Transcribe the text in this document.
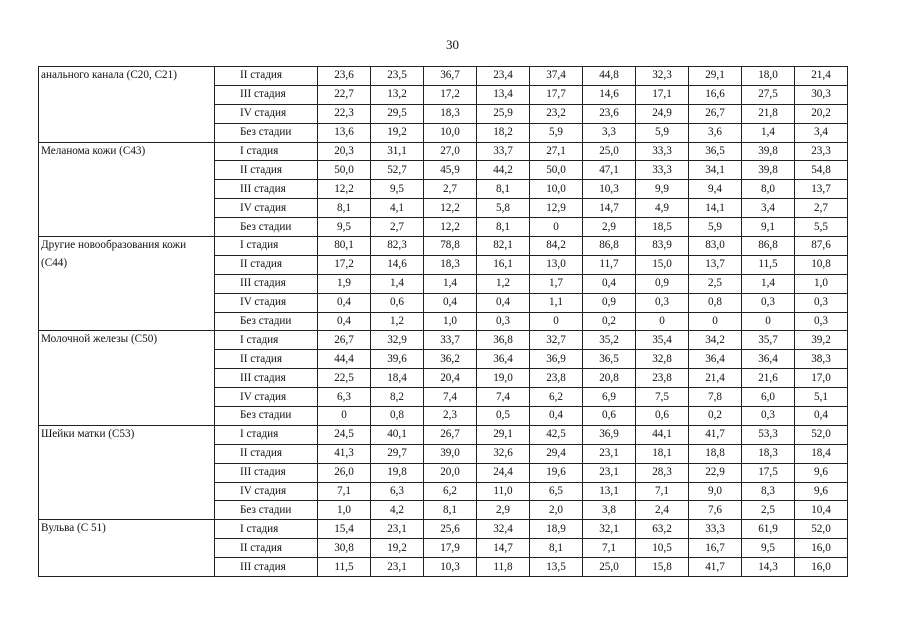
30
анального канала (C20, C21)	II стадия	23,6	23,5	36,7	23,4	37,4	44,8	32,3	29,1	18,0	21,4
	III стадия	22,7	13,2	17,2	13,4	17,7	14,6	17,1	16,6	27,5	30,3
	IV стадия	22,3	29,5	18,3	25,9	23,2	23,6	24,9	26,7	21,8	20,2
	Без стадии	13,6	19,2	10,0	18,2	5,9	3,3	5,9	3,6	1,4	3,4
Меланома кожи (C43)	I стадия	20,3	31,1	27,0	33,7	27,1	25,0	33,3	36,5	39,8	23,3
	II стадия	50,0	52,7	45,9	44,2	50,0	47,1	33,3	34,1	39,8	54,8
	III стадия	12,2	9,5	2,7	8,1	10,0	10,3	9,9	9,4	8,0	13,7
	IV стадия	8,1	4,1	12,2	5,8	12,9	14,7	4,9	14,1	3,4	2,7
	Без стадии	9,5	2,7	12,2	8,1	0	2,9	18,5	5,9	9,1	5,5
Другие новообразования кожи (C44)	I стадия	80,1	82,3	78,8	82,1	84,2	86,8	83,9	83,0	86,8	87,6
	II стадия	17,2	14,6	18,3	16,1	13,0	11,7	15,0	13,7	11,5	10,8
	III стадия	1,9	1,4	1,4	1,2	1,7	0,4	0,9	2,5	1,4	1,0
	IV стадия	0,4	0,6	0,4	0,4	1,1	0,9	0,3	0,8	0,3	0,3
	Без стадии	0,4	1,2	1,0	0,3	0	0,2	0	0	0	0,3
Молочной железы (C50)	I стадия	26,7	32,9	33,7	36,8	32,7	35,2	35,4	34,2	35,7	39,2
	II стадия	44,4	39,6	36,2	36,4	36,9	36,5	32,8	36,4	36,4	38,3
	III стадия	22,5	18,4	20,4	19,0	23,8	20,8	23,8	21,4	21,6	17,0
	IV стадия	6,3	8,2	7,4	7,4	6,2	6,9	7,5	7,8	6,0	5,1
	Без стадии	0	0,8	2,3	0,5	0,4	0,6	0,6	0,2	0,3	0,4
Шейки матки (C53)	I стадия	24,5	40,1	26,7	29,1	42,5	36,9	44,1	41,7	53,3	52,0
	II стадия	41,3	29,7	39,0	32,6	29,4	23,1	18,1	18,8	18,3	18,4
	III стадия	26,0	19,8	20,0	24,4	19,6	23,1	28,3	22,9	17,5	9,6
	IV стадия	7,1	6,3	6,2	11,0	6,5	13,1	7,1	9,0	8,3	9,6
	Без стадии	1,0	4,2	8,1	2,9	2,0	3,8	2,4	7,6	2,5	10,4
Вульва (C 51)	I стадия	15,4	23,1	25,6	32,4	18,9	32,1	63,2	33,3	61,9	52,0
	II стадия	30,8	19,2	17,9	14,7	8,1	7,1	10,5	16,7	9,5	16,0
	III стадия	11,5	23,1	10,3	11,8	13,5	25,0	15,8	41,7	14,3	16,0
